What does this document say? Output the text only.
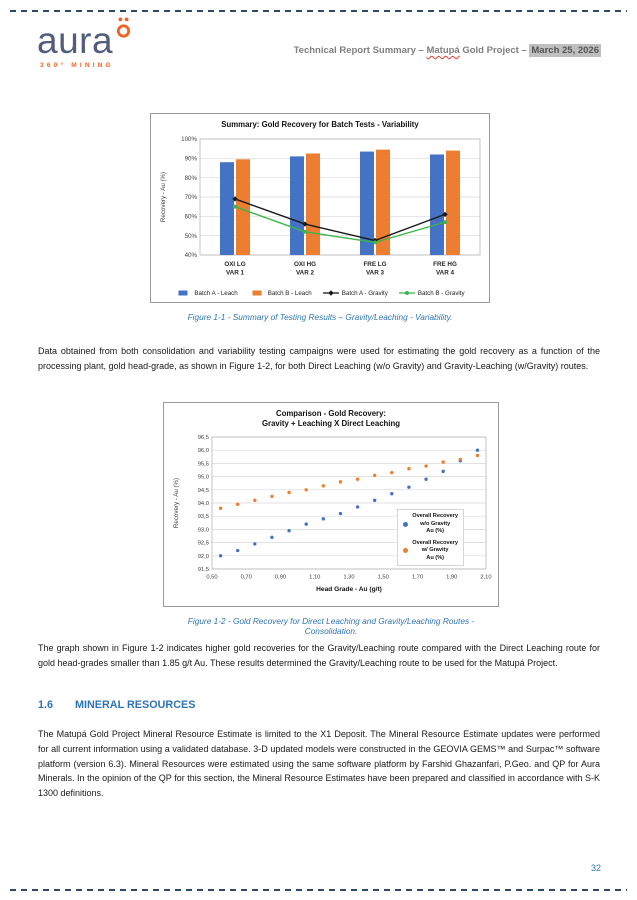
aura
360° MINING
Technical Report Summary – Matupá Gold Project – March 25, 2026
Summary: Gold Recovery for Batch Tests - Variability
100%
90%
80%
70%
60%
50%
40%
Recovery - Au (%)
OXI LG
VAR 1
OXI HG
VAR 2
FRE LG
VAR 3
FRE HG
VAR 4
Batch A - Leach	Batch B - Leach	Batch A - Gravity	Batch B - Gravity
Figure 1-1 - Summary of Testing Results – Gravity/Leaching - Variability.

Data obtained from both consolidation and variability testing campaigns were used for estimating the gold recovery as a function of the processing plant, gold head-grade, as shown in Figure 1-2, for both Direct Leaching (w/o Gravity) and Gravity-Leaching (w/Gravity) routes.

Comparison - Gold Recovery:
Gravity + Leaching X Direct Leaching
96,5
96,0
95,5
95,0
94,5
94,0
93,5
93,0
92,5
92,0
91,5
0,50	0,70	0,90	1,10	1,30	1,50	1,70	1,90	2,10
Recovery - Au (%)
Head Grade - Au (g/t)
Overall Recovery
w/o Gravity
Au (%)
Overall Recovery
w/ Gravity
Au (%)
Figure 1-2 - Gold Recovery for Direct Leaching and Gravity/Leaching Routes - Consolidation.

The graph shown in Figure 1-2 indicates higher gold recoveries for the Gravity/Leaching route compared with the Direct Leaching route for gold head-grades smaller than 1.85 g/t Au. These results determined the Gravity/Leaching route to be used for the Matupá Project.

1.6 MINERAL RESOURCES

The Matupá Gold Project Mineral Resource Estimate is limited to the X1 Deposit. The Mineral Resource Estimate updates were performed for all current information using a validated database. 3-D updated models were constructed in the GEOVIA GEMS™ and Surpac™ software platform (version 6.3). Mineral Resources were estimated using the same software platform by Farshid Ghazanfari, P.Geo. and QP for Aura Minerals. In the opinion of the QP for this section, the Mineral Resource Estimates have been prepared and classified in accordance with S-K 1300 definitions.

32
